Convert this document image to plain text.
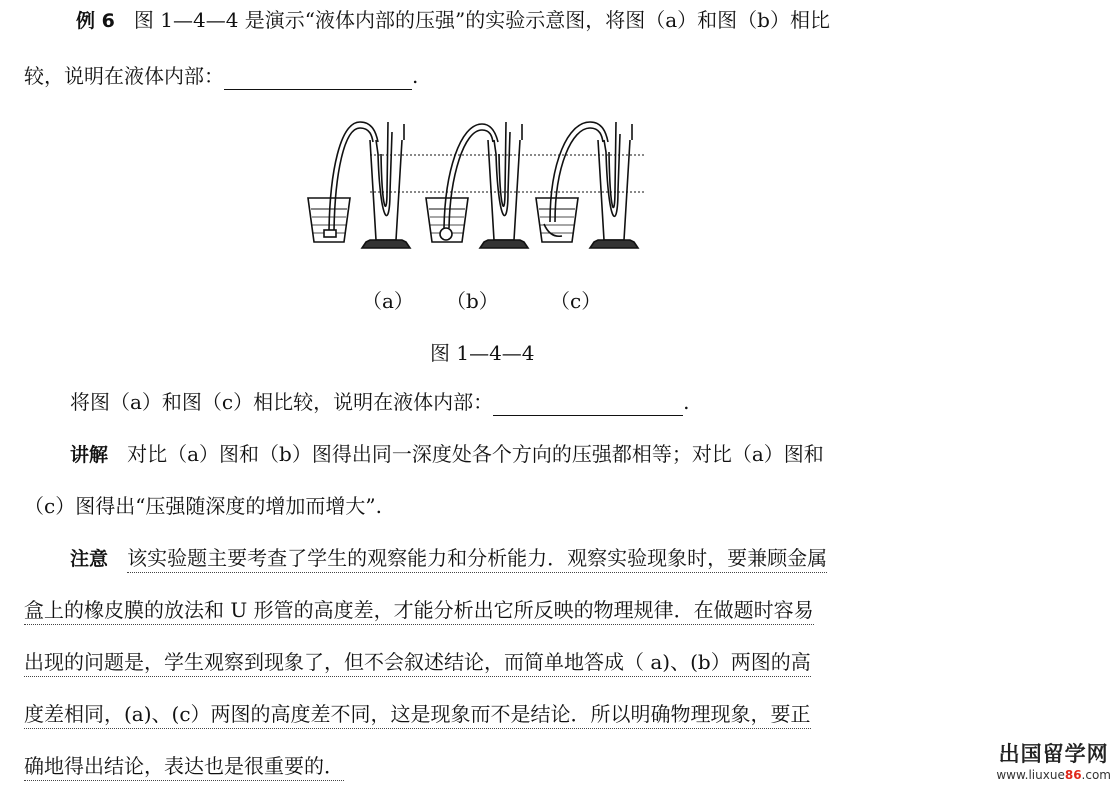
例 6 图 1—4—4 是演示“液体内部的压强”的实验示意图，将图（a）和图（b）相比
较，说明在液体内部：	.
（a） （b）	（c）
图 1—4—4
将图（a）和图（c）相比较，说明在液体内部：	.
讲解 对比（a）图和（b）图得出同一深度处各个方向的压强都相等；对比（a）图和
（c）图得出“压强随深度的增加而增大”.
注意 该实验题主要考查了学生的观察能力和分析能力．观察实验现象时，要兼顾金属
盒上的橡皮膜的放法和 U 形管的高度差，才能分析出它所反映的物理规律．在做题时容易
出现的问题是，学生观察到现象了，但不会叙述结论，而简单地答成（ a)、(b）两图的高
度差相同，(a)、(c）两图的高度差不同，这是现象而不是结论．所以明确物理现象，要正
确地得出结论，表达也是很重要的．	出国留学网
www.liuxue86.com
